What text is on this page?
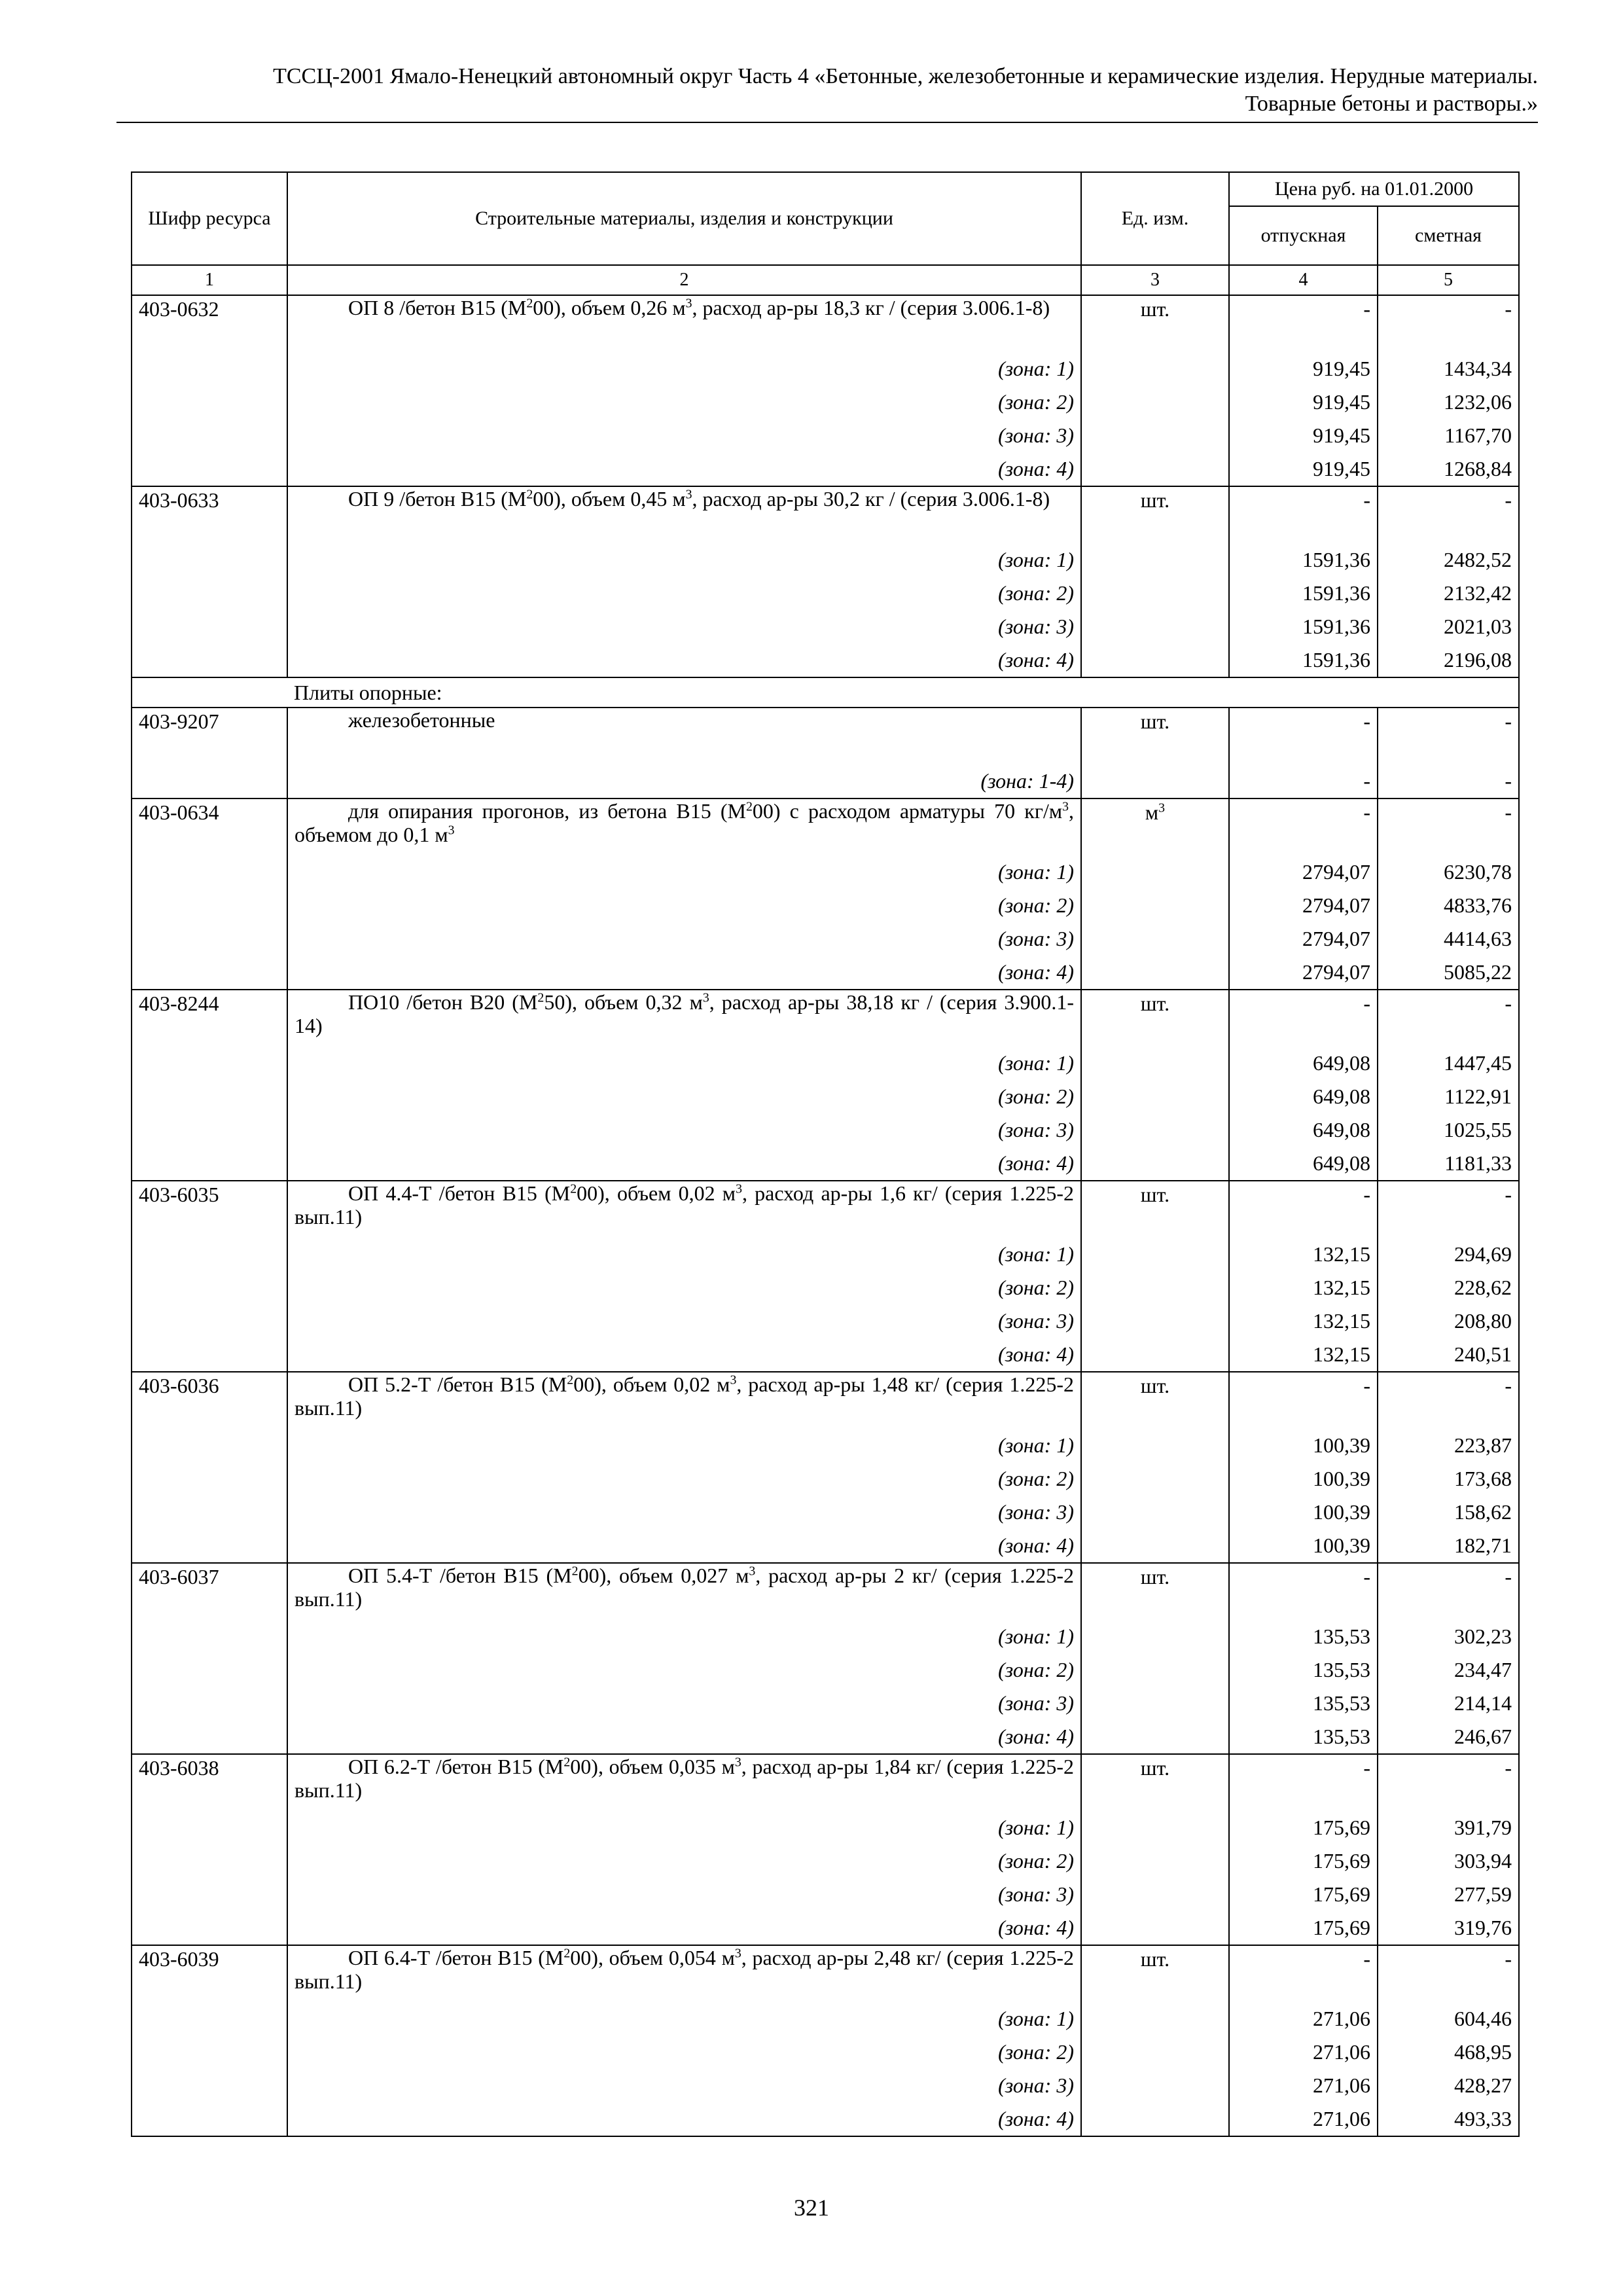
ТССЦ-2001 Ямало-Ненецкий автономный округ Часть 4 «Бетонные, железобетонные и керамические изделия. Нерудные материалы.
Товарные бетоны и растворы.»
Шифр ресурса	Строительные материалы, изделия и конструкции	Ед. изм.	Цена руб. на 01.01.2000	
			отпускная	сметная
1	2	3	4	5
403-0632	ОП 8 /бетон В15 $(М^200)$, объем 0,26 $м^3$, расход ар-ры 18,3 кг / (серия 3.006.1-8)	шт.	-	-
	(зона: 1)		919,45	1434,34
	(зона: 2)		919,45	1232,06
	(зона: 3)		919,45	1167,70
	(зона: 4)		919,45	1268,84
403-0633	ОП 9 /бетон В15 $(М^200)$, объем 0,45 $м^3$, расход ар-ры 30,2 кг / (серия 3.006.1-8)	шт.	-	-
	(зона: 1)		1591,36	2482,52
	(зона: 2)		1591,36	2132,42
	(зона: 3)		1591,36	2021,03
	(зона: 4)		1591,36	2196,08
	Плиты опорные:			
403-9207	железобетонные	шт.	-	-
	(зона: 1-4)		-	-
403-0634	для опирания прогонов, из бетона В15 $(М^200)$ с расходом арматуры 70 $кг/м^3$, объемом до 0,1 $м^3$	$м^3$	-	-
	(зона: 1)		2794,07	6230,78
	(зона: 2)		2794,07	4833,76
	(зона: 3)		2794,07	4414,63
	(зона: 4)		2794,07	5085,22
403-8244	ПО10 /бетон В20 $(М^250)$, объем 0,32 $м^3$, расход ар-ры 38,18 кг / (серия 3.900.1-14)	шт.	-	-
	(зона: 1)		649,08	1447,45
	(зона: 2)		649,08	1122,91
	(зона: 3)		649,08	1025,55
	(зона: 4)		649,08	1181,33
403-6035	ОП 4.4-Т /бетон В15 $(М^200)$, объем 0,02 $м^3$, расход ар-ры 1,6 кг/ (серия 1.225-2 вып.11)	шт.	-	-
	(зона: 1)		132,15	294,69
	(зона: 2)		132,15	228,62
	(зона: 3)		132,15	208,80
	(зона: 4)		132,15	240,51
403-6036	ОП 5.2-Т /бетон В15 $(М^200)$, объем 0,02 $м^3$, расход ар-ры 1,48 кг/ (серия 1.225-2 вып.11)	шт.	-	-
	(зона: 1)		100,39	223,87
	(зона: 2)		100,39	173,68
	(зона: 3)		100,39	158,62
	(зона: 4)		100,39	182,71
403-6037	ОП 5.4-Т /бетон В15 $(М^200)$, объем 0,027 $м^3$, расход ар-ры 2 кг/ (серия 1.225-2 вып.11)	шт.	-	-
	(зона: 1)		135,53	302,23
	(зона: 2)		135,53	234,47
	(зона: 3)		135,53	214,14
	(зона: 4)		135,53	246,67
403-6038	ОП 6.2-Т /бетон В15 $(М^200)$, объем 0,035 $м^3$, расход ар-ры 1,84 кг/ (серия 1.225-2 вып.11)	шт.	-	-
	(зона: 1)		175,69	391,79
	(зона: 2)		175,69	303,94
	(зона: 3)		175,69	277,59
	(зона: 4)		175,69	319,76
403-6039	ОП 6.4-Т /бетон В15 $(М^200)$, объем 0,054 $м^3$, расход ар-ры 2,48 кг/ (серия 1.225-2 вып.11)	шт.	-	-
	(зона: 1)		271,06	604,46
	(зона: 2)		271,06	468,95
	(зона: 3)		271,06	428,27
	(зона: 4)		271,06	493,33
321
